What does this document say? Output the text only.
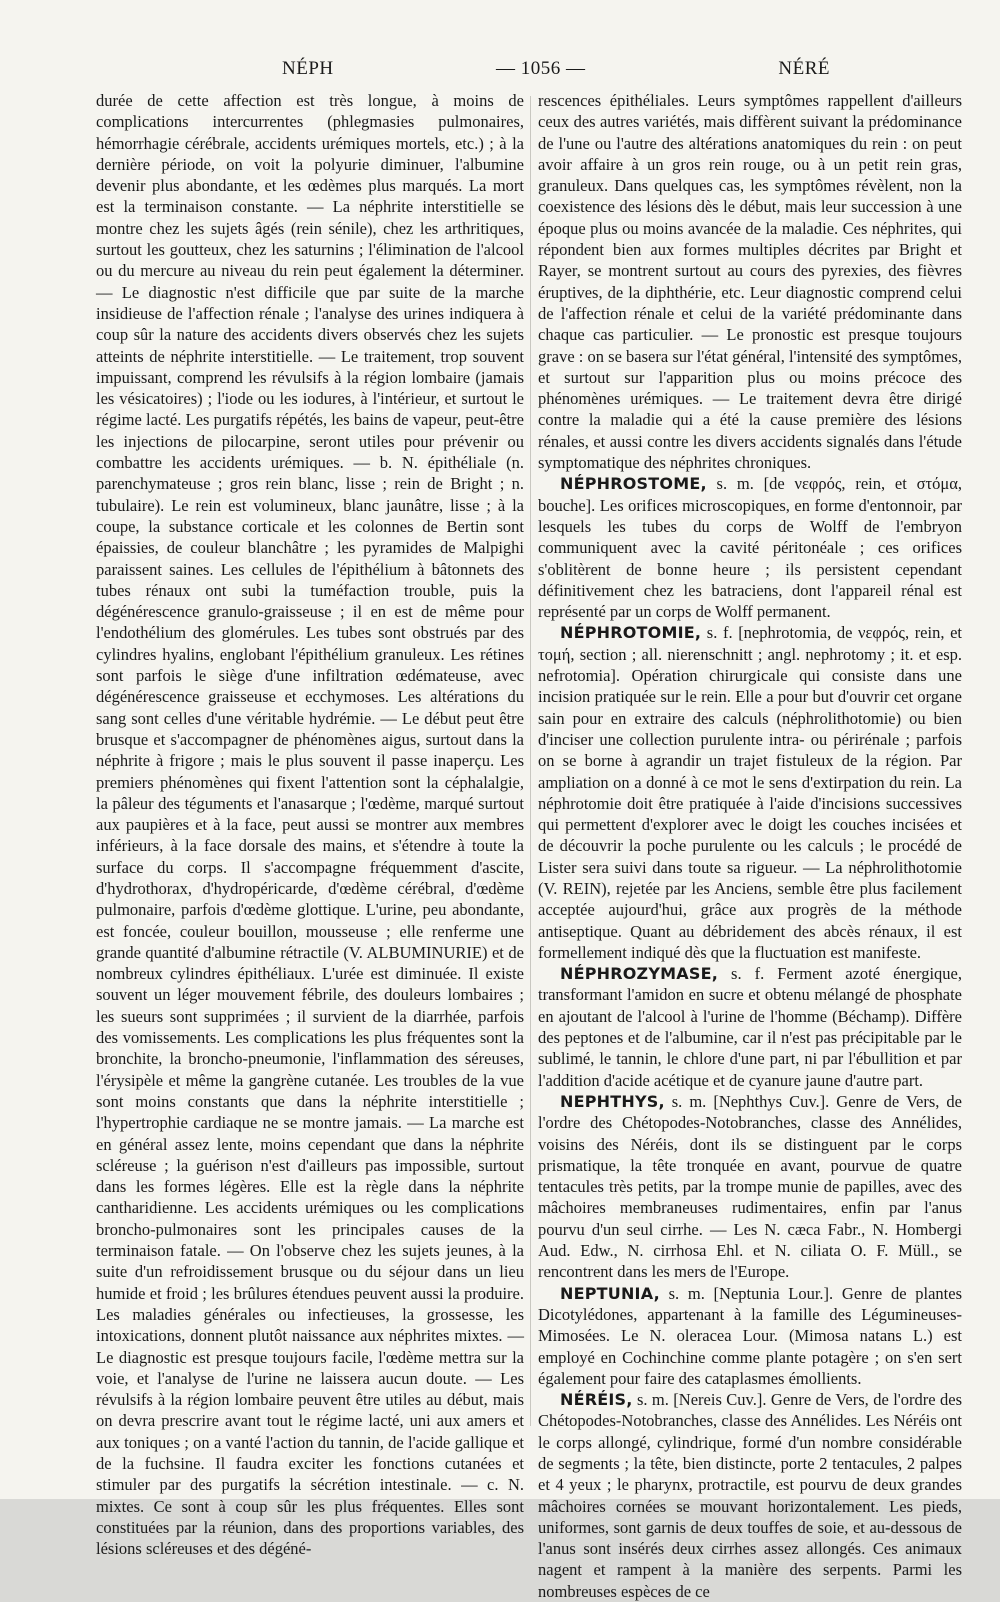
NÉPH	— 1056 —	NÉRÉ

durée de cette affection est très longue, à moins de complications intercurrentes (phlegmasies pulmonaires, hémorrhagie cérébrale, accidents urémiques mortels, etc.) ; à la dernière période, on voit la polyurie diminuer, l'albumine devenir plus abondante, et les œdèmes plus marqués. La mort est la terminaison constante. — La néphrite interstitielle se montre chez les sujets âgés (rein sénile), chez les arthritiques, surtout les goutteux, chez les saturnins ; l'élimination de l'alcool ou du mercure au niveau du rein peut également la déterminer. — Le diagnostic n'est difficile que par suite de la marche insidieuse de l'affection rénale ; l'analyse des urines indiquera à coup sûr la nature des accidents divers observés chez les sujets atteints de néphrite interstitielle. — Le traitement, trop souvent impuissant, comprend les révulsifs à la région lombaire (jamais les vésicatoires) ; l'iode ou les iodures, à l'intérieur, et surtout le régime lacté. Les purgatifs répétés, les bains de vapeur, peut-être les injections de pilocarpine, seront utiles pour prévenir ou combattre les accidents urémiques. — b. N. épithéliale (n. parenchymateuse ; gros rein blanc, lisse ; rein de Bright ; n. tubulaire). Le rein est volumineux, blanc jaunâtre, lisse ; à la coupe, la substance corticale et les colonnes de Bertin sont épaissies, de couleur blanchâtre ; les pyramides de Malpighi paraissent saines. Les cellules de l'épithélium à bâtonnets des tubes rénaux ont subi la tuméfaction trouble, puis la dégénérescence granulo-graisseuse ; il en est de même pour l'endothélium des glomérules. Les tubes sont obstrués par des cylindres hyalins, englobant l'épithélium granuleux. Les rétines sont parfois le siège d'une infiltration œdémateuse, avec dégénérescence graisseuse et ecchymoses. Les altérations du sang sont celles d'une véritable hydrémie. — Le début peut être brusque et s'accompagner de phénomènes aigus, surtout dans la néphrite à frigore ; mais le plus souvent il passe inaperçu. Les premiers phénomènes qui fixent l'attention sont la céphalalgie, la pâleur des téguments et l'anasarque ; l'œdème, marqué surtout aux paupières et à la face, peut aussi se montrer aux membres inférieurs, à la face dorsale des mains, et s'étendre à toute la surface du corps. Il s'accompagne fréquemment d'ascite, d'hydrothorax, d'hydropéricarde, d'œdème cérébral, d'œdème pulmonaire, parfois d'œdème glottique. L'urine, peu abondante, est foncée, couleur bouillon, mousseuse ; elle renferme une grande quantité d'albumine rétractile (V. ALBUMINURIE) et de nombreux cylindres épithéliaux. L'urée est diminuée. Il existe souvent un léger mouvement fébrile, des douleurs lombaires ; les sueurs sont supprimées ; il survient de la diarrhée, parfois des vomissements. Les complications les plus fréquentes sont la bronchite, la broncho-pneumonie, l'inflammation des séreuses, l'érysipèle et même la gangrène cutanée. Les troubles de la vue sont moins constants que dans la néphrite interstitielle ; l'hypertrophie cardiaque ne se montre jamais. — La marche est en général assez lente, moins cependant que dans la néphrite scléreuse ; la guérison n'est d'ailleurs pas impossible, surtout dans les formes légères. Elle est la règle dans la néphrite cantharidienne. Les accidents urémiques ou les complications broncho-pulmonaires sont les principales causes de la terminaison fatale. — On l'observe chez les sujets jeunes, à la suite d'un refroidissement brusque ou du séjour dans un lieu humide et froid ; les brûlures étendues peuvent aussi la produire. Les maladies générales ou infectieuses, la grossesse, les intoxications, donnent plutôt naissance aux néphrites mixtes. — Le diagnostic est presque toujours facile, l'œdème mettra sur la voie, et l'analyse de l'urine ne laissera aucun doute. — Les révulsifs à la région lombaire peuvent être utiles au début, mais on devra prescrire avant tout le régime lacté, uni aux amers et aux toniques ; on a vanté l'action du tannin, de l'acide gallique et de la fuchsine. Il faudra exciter les fonctions cutanées et stimuler par des purgatifs la sécrétion intestinale. — c. N. mixtes. Ce sont à coup sûr les plus fréquentes. Elles sont constituées par la réunion, dans des proportions variables, des lésions scléreuses et des dégéné-

rescences épithéliales. Leurs symptômes rappellent d'ailleurs ceux des autres variétés, mais diffèrent suivant la prédominance de l'une ou l'autre des altérations anatomiques du rein : on peut avoir affaire à un gros rein rouge, ou à un petit rein gras, granuleux. Dans quelques cas, les symptômes révèlent, non la coexistence des lésions dès le début, mais leur succession à une époque plus ou moins avancée de la maladie. Ces néphrites, qui répondent bien aux formes multiples décrites par Bright et Rayer, se montrent surtout au cours des pyrexies, des fièvres éruptives, de la diphthérie, etc. Leur diagnostic comprend celui de l'affection rénale et celui de la variété prédominante dans chaque cas particulier. — Le pronostic est presque toujours grave : on se basera sur l'état général, l'intensité des symptômes, et surtout sur l'apparition plus ou moins précoce des phénomènes urémiques. — Le traitement devra être dirigé contre la maladie qui a été la cause première des lésions rénales, et aussi contre les divers accidents signalés dans l'étude symptomatique des néphrites chroniques.

NÉPHROSTOME, s. m. [de νεφρός, rein, et στόμα, bouche]. Les orifices microscopiques, en forme d'entonnoir, par lesquels les tubes du corps de Wolff de l'embryon communiquent avec la cavité péritonéale ; ces orifices s'oblitèrent de bonne heure ; ils persistent cependant définitivement chez les batraciens, dont l'appareil rénal est représenté par un corps de Wolff permanent.

NÉPHROTOMIE, s. f. [nephrotomia, de νεφρός, rein, et τομή, section ; all. nierenschnitt ; angl. nephrotomy ; it. et esp. nefrotomia]. Opération chirurgicale qui consiste dans une incision pratiquée sur le rein. Elle a pour but d'ouvrir cet organe sain pour en extraire des calculs (néphrolithotomie) ou bien d'inciser une collection purulente intra- ou périrénale ; parfois on se borne à agrandir un trajet fistuleux de la région. Par ampliation on a donné à ce mot le sens d'extirpation du rein. La néphrotomie doit être pratiquée à l'aide d'incisions successives qui permettent d'explorer avec le doigt les couches incisées et de découvrir la poche purulente ou les calculs ; le procédé de Lister sera suivi dans toute sa rigueur. — La néphrolithotomie (V. REIN), rejetée par les Anciens, semble être plus facilement acceptée aujourd'hui, grâce aux progrès de la méthode antiseptique. Quant au débridement des abcès rénaux, il est formellement indiqué dès que la fluctuation est manifeste.

NÉPHROZYMASE, s. f. Ferment azoté énergique, transformant l'amidon en sucre et obtenu mélangé de phosphate en ajoutant de l'alcool à l'urine de l'homme (Béchamp). Diffère des peptones et de l'albumine, car il n'est pas précipitable par le sublimé, le tannin, le chlore d'une part, ni par l'ébullition et par l'addition d'acide acétique et de cyanure jaune d'autre part.

NEPHTHYS, s. m. [Nephthys Cuv.]. Genre de Vers, de l'ordre des Chétopodes-Notobranches, classe des Annélides, voisins des Néréis, dont ils se distinguent par le corps prismatique, la tête tronquée en avant, pourvue de quatre tentacules très petits, par la trompe munie de papilles, avec des mâchoires membraneuses rudimentaires, enfin par l'anus pourvu d'un seul cirrhe. — Les N. cæca Fabr., N. Hombergi Aud. Edw., N. cirrhosa Ehl. et N. ciliata O. F. Müll., se rencontrent dans les mers de l'Europe.

NEPTUNIA, s. m. [Neptunia Lour.]. Genre de plantes Dicotylédones, appartenant à la famille des Légumineuses-Mimosées. Le N. oleracea Lour. (Mimosa natans L.) est employé en Cochinchine comme plante potagère ; on s'en sert également pour faire des cataplasmes émollients.

NÉRÉIS, s. m. [Nereis Cuv.]. Genre de Vers, de l'ordre des Chétopodes-Notobranches, classe des Annélides. Les Néréis ont le corps allongé, cylindrique, formé d'un nombre considérable de segments ; la tête, bien distincte, porte 2 tentacules, 2 palpes et 4 yeux ; le pharynx, protractile, est pourvu de deux grandes mâchoires cornées se mouvant horizontalement. Les pieds, uniformes, sont garnis de deux touffes de soie, et au-dessous de l'anus sont insérés deux cirrhes assez allongés. Ces animaux nagent et rampent à la manière des serpents. Parmi les nombreuses espèces de ce
